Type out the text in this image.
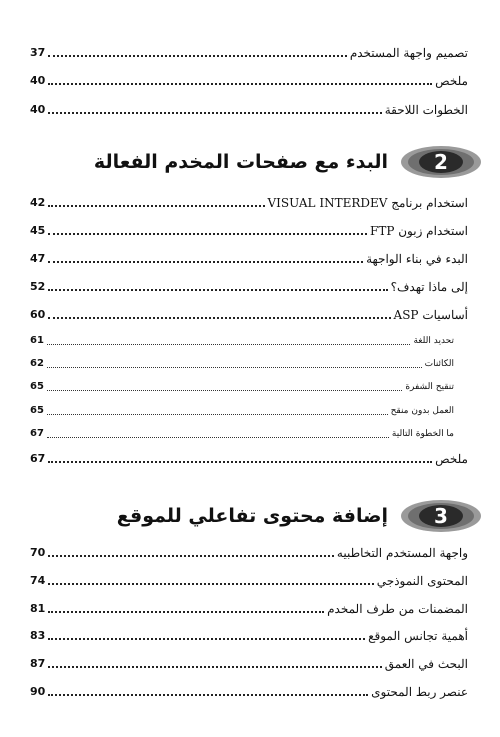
تصميم واجهة المستخدم
37
ملخص
40
الخطوات اللاحقة
40
2
البدء مع صفحات المخدم الفعالة
استخدام برنامج VISUAL INTERDEV
42
استخدام زبون FTP
45
البدء في بناء الواجهة
47
إلى ماذا تهدف؟
52
أساسيات ASP
60
تحديد اللغة
61
الكائنات
62
تنقيح الشفرة
65
العمل بدون منقح
65
ما الخطوة التالية
67
ملخص
67
3
إضافة محتوى تفاعلي للموقع
واجهة المستخدم التخاطبيه
70
المحتوى النموذجي
74
المضمنات من طرف المخدم
81
أهمية تجانس الموقع
83
البحث في العمق
87
عنصر ربط المحتوى
90
